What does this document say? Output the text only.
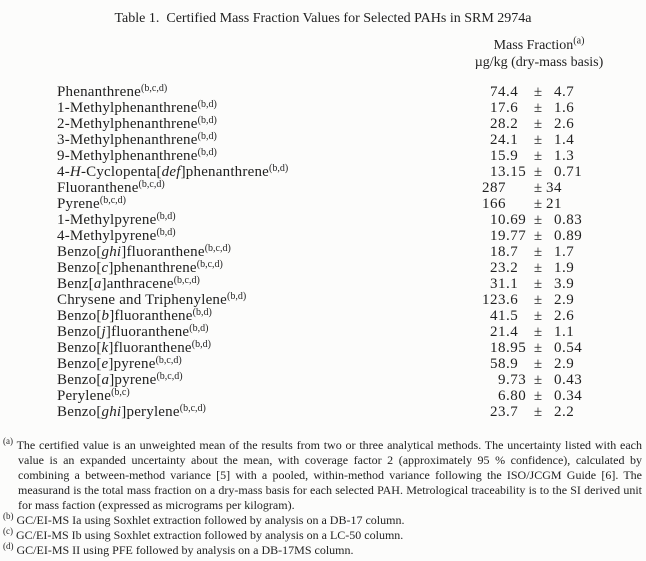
Table 1.  Certified Mass Fraction Values for Selected PAHs in SRM 2974a
Mass Fraction$^{(a)}$
µg/kg (dry-mass basis)
Phenanthrene$^{(b,c,d)}$	74 .4	± 4 .7
1-Methylphenanthrene$^{(b,d)}$	17 .6	± 1 .6
2-Methylphenanthrene$^{(b,d)}$	28 .2	± 2 .6
3-Methylphenanthrene$^{(b,d)}$	24 .1	± 1 .4
9-Methylphenanthrene$^{(b,d)}$	15 .9	± 1 .3
4-H-Cyclopenta[def]phenanthrene$^{(b,d)}$	13 .15 ± 0 .71
Fluoranthene$^{(b,c,d)}$	287	± 34
Pyrene$^{(b,c,d)}$	166	± 21
1-Methylpyrene$^{(b,d)}$	10 .69 ± 0 .83
4-Methylpyrene$^{(b,d)}$	19 .77 ± 0 .89
Benzo[ghi]fluoranthene$^{(b,c,d)}$	18 .7	± 1 .7
Benzo[c]phenanthrene$^{(b,c,d)}$	23 .2	± 1 .9
Benz[a]anthracene$^{(b,c,d)}$	31 .1	± 3 .9
Chrysene and Triphenylene$^{(b,d)}$	123 .6	± 2 .9
Benzo[b]fluoranthene$^{(b,d)}$	41 .5	± 2 .6
Benzo[j]fluoranthene$^{(b,d)}$	21 .4	± 1 .1
Benzo[k]fluoranthene$^{(b,d)}$	18 .95 ± 0 .54
Benzo[e]pyrene$^{(b,c,d)}$	58 .9	± 2 .9
Benzo[a]pyrene$^{(b,c,d)}$	9 .73 ± 0 .43
Perylene$^{(b,c)}$	6 .80 ± 0 .34
Benzo[ghi]perylene$^{(b,c,d)}$	23 .7	± 2 .2
$^{(a)}$ The certified value is an unweighted mean of the results from two or three analytical methods. The uncertainty listed with each value is an expanded uncertainty about the mean, with coverage factor 2 (approximately 95 % confidence), calculated by combining a between-method variance [5] with a pooled, within-method variance following the ISO/JCGM Guide [6]. The measurand is the total mass fraction on a dry-mass basis for each selected PAH. Metrological traceability is to the SI derived unit for mass faction (expressed as micrograms per kilogram).
$^{(b)}$ GC/EI-MS Ia using Soxhlet extraction followed by analysis on a DB-17 column.
$^{(c)}$ GC/EI-MS Ib using Soxhlet extraction followed by analysis on a LC-50 column.
$^{(d)}$ GC/EI-MS II using PFE followed by analysis on a DB-17MS column.
